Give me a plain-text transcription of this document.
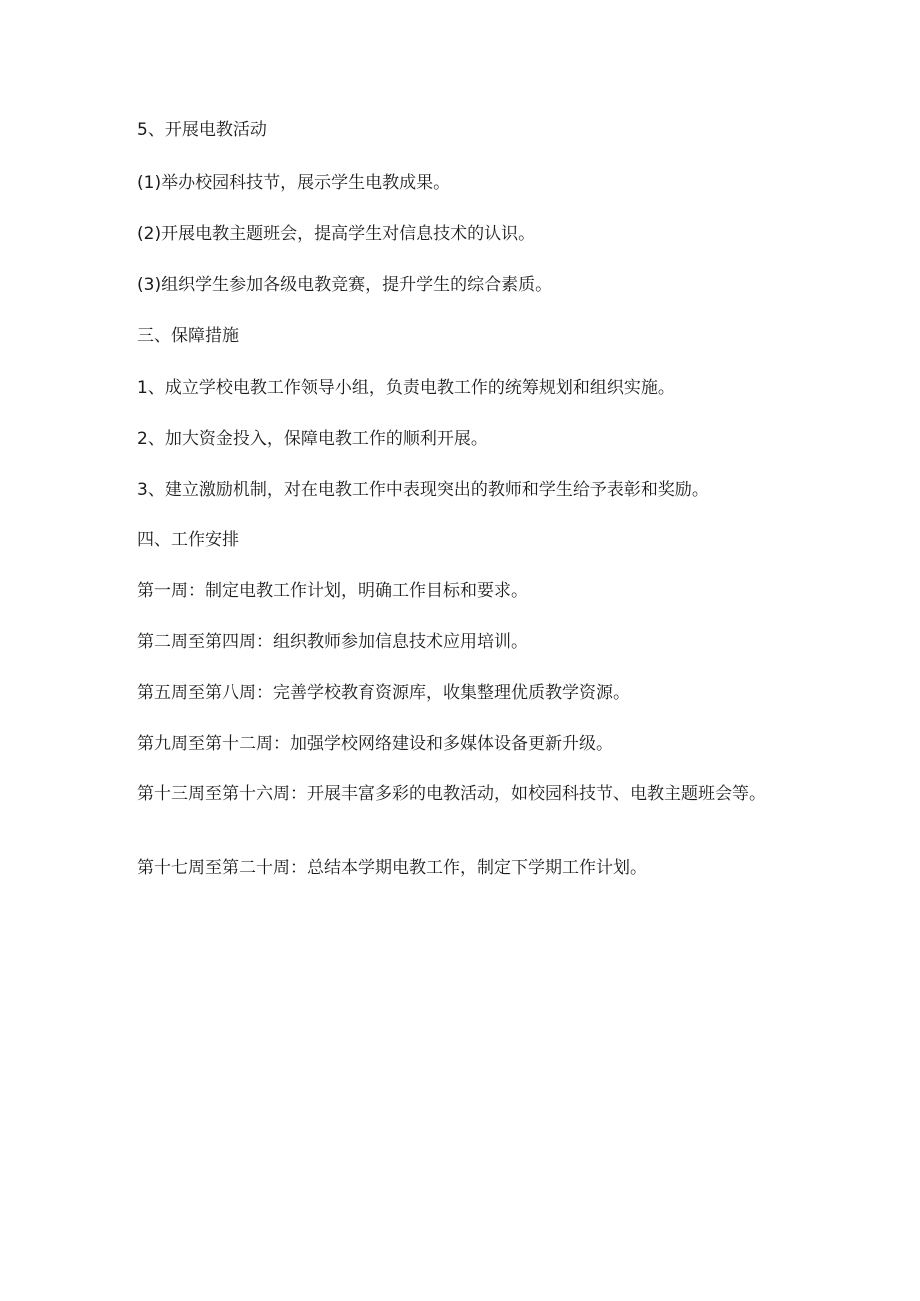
5、开展电教活动

(1)举办校园科技节，展示学生电教成果。

(2)开展电教主题班会，提高学生对信息技术的认识。

(3)组织学生参加各级电教竞赛，提升学生的综合素质。

三、保障措施

1、成立学校电教工作领导小组，负责电教工作的统筹规划和组织实施。

2、加大资金投入，保障电教工作的顺利开展。

3、建立激励机制，对在电教工作中表现突出的教师和学生给予表彰和奖励。

四、工作安排

第一周：制定电教工作计划，明确工作目标和要求。

第二周至第四周：组织教师参加信息技术应用培训。

第五周至第八周：完善学校教育资源库，收集整理优质教学资源。

第九周至第十二周：加强学校网络建设和多媒体设备更新升级。

第十三周至第十六周：开展丰富多彩的电教活动，如校园科技节、电教主题班会等。

第十七周至第二十周：总结本学期电教工作，制定下学期工作计划。
